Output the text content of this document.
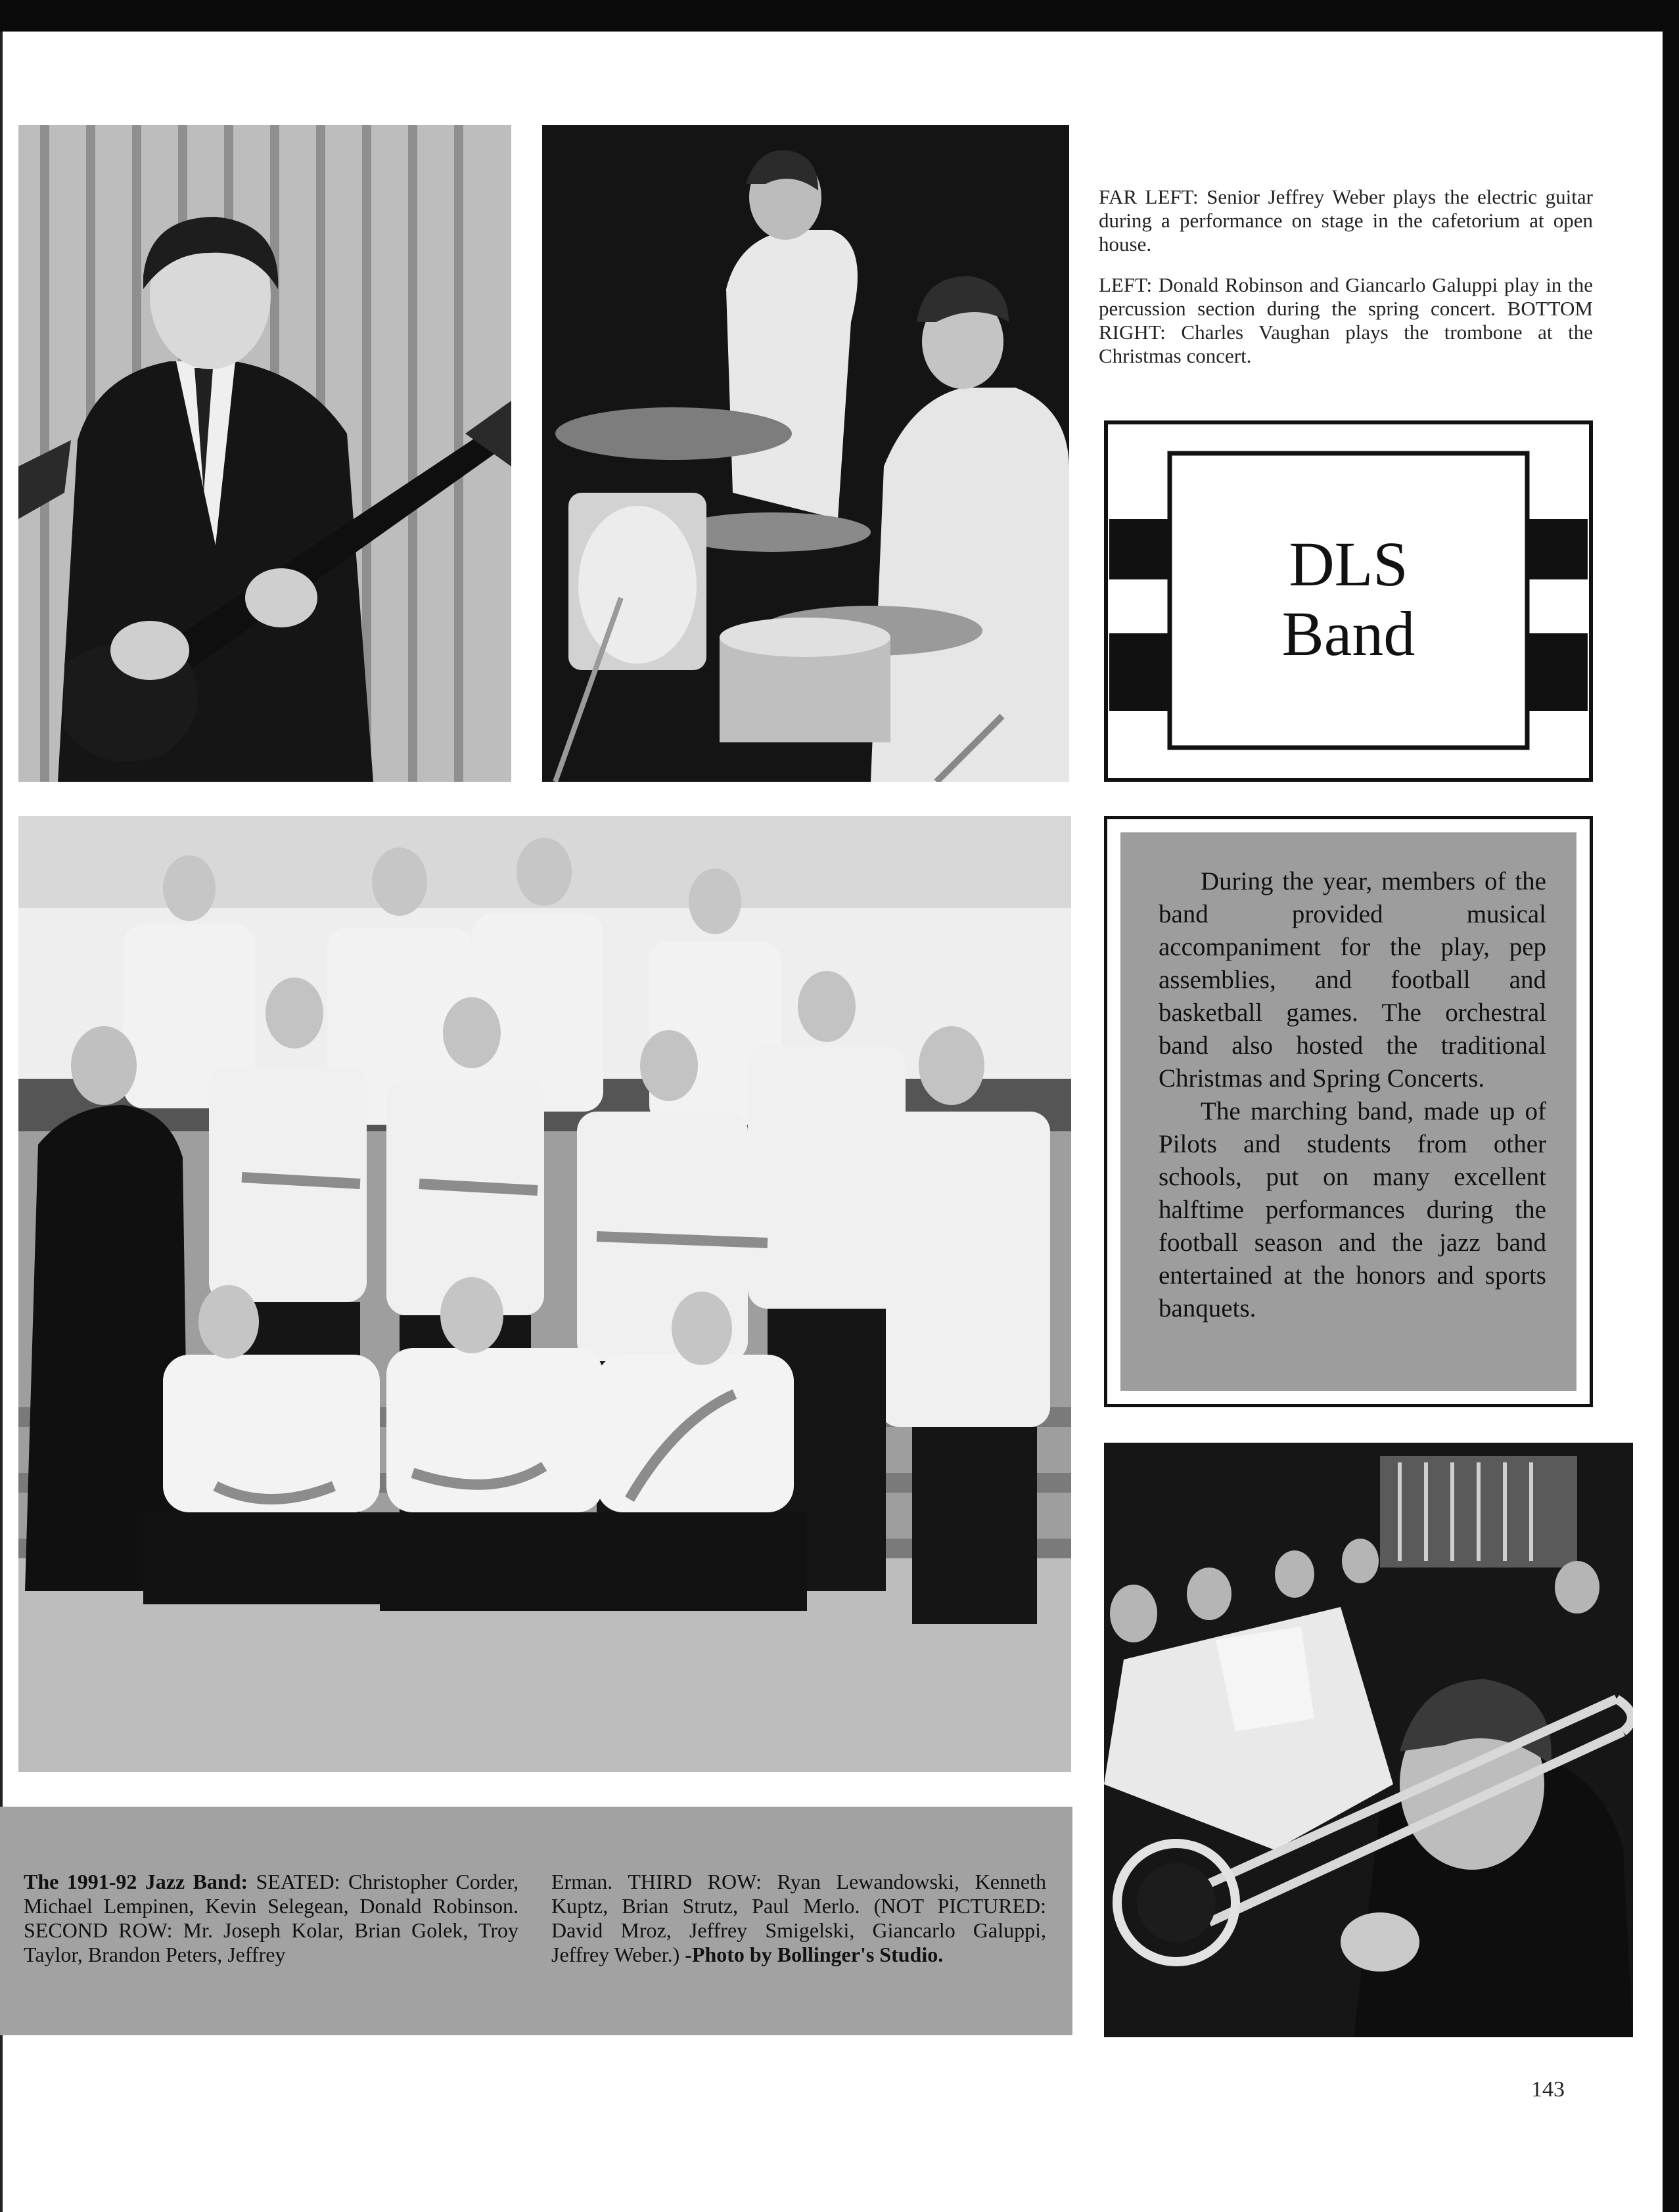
FAR LEFT: Senior Jeffrey Weber plays the electric guitar during a performance on stage in the cafetorium at open house.

LEFT: Donald Robinson and Giancarlo Galuppi play in the percussion section during the spring concert. BOTTOM RIGHT: Charles Vaughan plays the trombone at the Christmas concert.

DLS
Band

During the year, members of the band provided musical accompaniment for the play, pep assemblies, and football and basketball games. The orchestral band also hosted the traditional Christmas and Spring Concerts.

The marching band, made up of Pilots and students from other schools, put on many excellent halftime performances during the football season and the jazz band entertained at the honors and sports banquets.

The 1991-92 Jazz Band: SEATED: Christopher Corder, Michael Lempinen, Kevin Selegean, Donald Robinson. SECOND ROW: Mr. Joseph Kolar, Brian Golek, Troy Taylor, Brandon Peters, Jeffrey
Erman. THIRD ROW: Ryan Lewandowski, Kenneth Kuptz, Brian Strutz, Paul Merlo. (NOT PICTURED: David Mroz, Jeffrey Smigelski, Giancarlo Galuppi, Jeffrey Weber.) -Photo by Bollinger's Studio.
143
